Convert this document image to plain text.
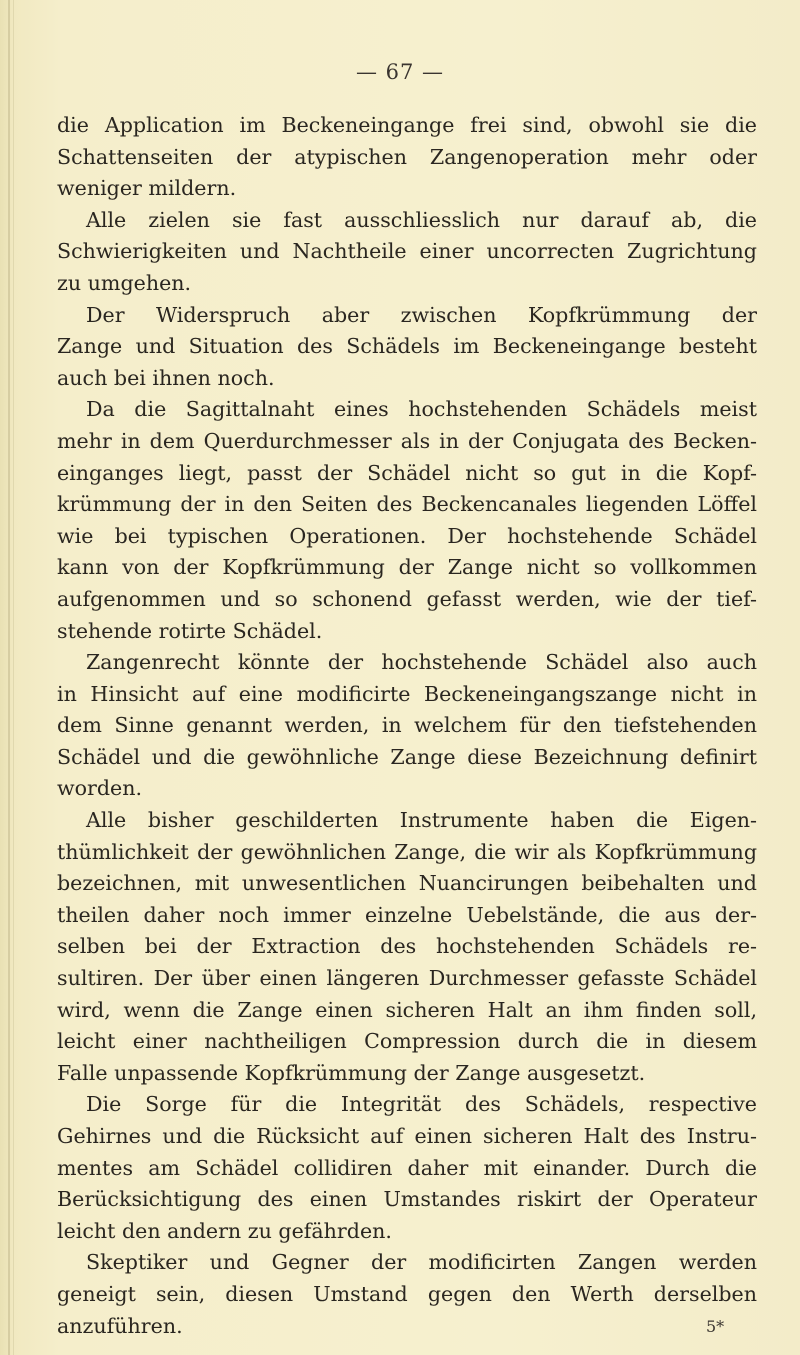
— 67 —

die Application im Beckeneingange frei sind, obwohl sie die
Schattenseiten der atypischen Zangenoperation mehr oder
weniger mildern.

Alle zielen sie fast ausschliesslich nur darauf ab, die
Schwierigkeiten und Nachtheile einer uncorrecten Zugrichtung
zu umgehen.

Der Widerspruch aber zwischen Kopfkrümmung der
Zange und Situation des Schädels im Beckeneingange besteht
auch bei ihnen noch.

Da die Sagittalnaht eines hochstehenden Schädels meist
mehr in dem Querdurchmesser als in der Conjugata des Becken-
einganges liegt, passt der Schädel nicht so gut in die Kopf-
krümmung der in den Seiten des Beckencanales liegenden Löffel
wie bei typischen Operationen. Der hochstehende Schädel
kann von der Kopfkrümmung der Zange nicht so vollkommen
aufgenommen und so schonend gefasst werden, wie der tief-
stehende rotirte Schädel.

Zangenrecht könnte der hochstehende Schädel also auch
in Hinsicht auf eine modificirte Beckeneingangszange nicht in
dem Sinne genannt werden, in welchem für den tiefstehenden
Schädel und die gewöhnliche Zange diese Bezeichnung definirt
worden.

Alle bisher geschilderten Instrumente haben die Eigen-
thümlichkeit der gewöhnlichen Zange, die wir als Kopfkrümmung
bezeichnen, mit unwesentlichen Nuancirungen beibehalten und
theilen daher noch immer einzelne Uebelstände, die aus der-
selben bei der Extraction des hochstehenden Schädels re-
sultiren. Der über einen längeren Durchmesser gefasste Schädel
wird, wenn die Zange einen sicheren Halt an ihm finden soll,
leicht einer nachtheiligen Compression durch die in diesem
Falle unpassende Kopfkrümmung der Zange ausgesetzt.

Die Sorge für die Integrität des Schädels, respective
Gehirnes und die Rücksicht auf einen sicheren Halt des Instru-
mentes am Schädel collidiren daher mit einander. Durch die
Berücksichtigung des einen Umstandes riskirt der Operateur
leicht den andern zu gefährden.

Skeptiker und Gegner der modificirten Zangen werden
geneigt sein, diesen Umstand gegen den Werth derselben
anzuführen.	5*
